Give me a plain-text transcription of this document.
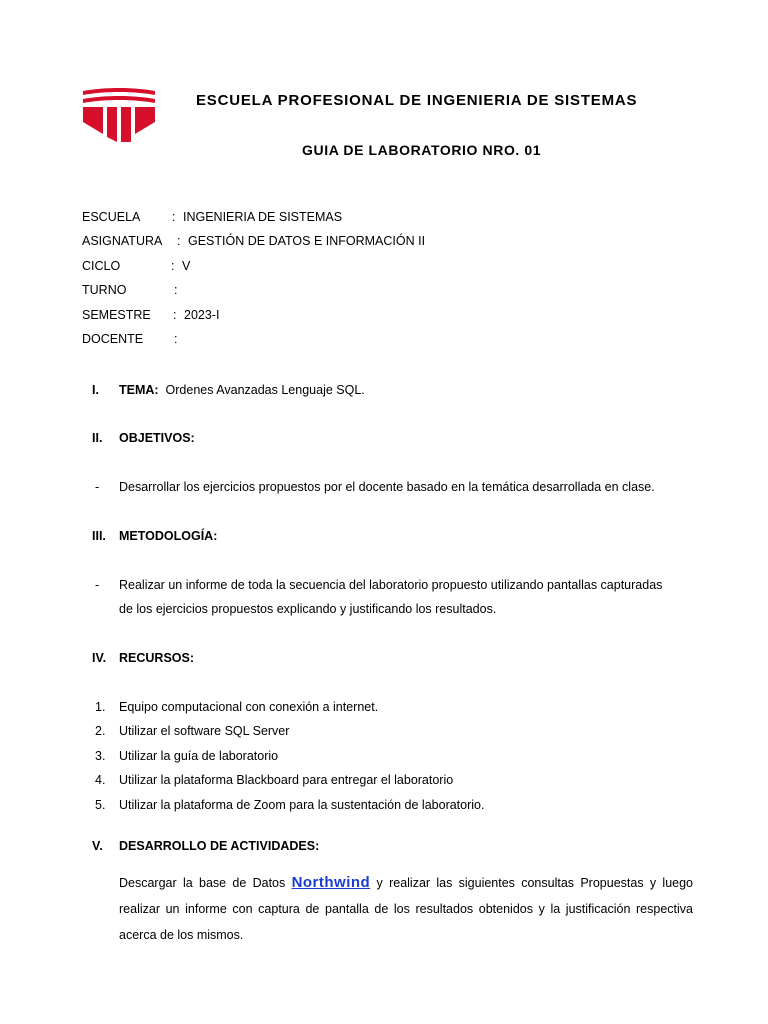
ESCUELA PROFESIONAL DE INGENIERIA DE SISTEMAS
GUIA DE LABORATORIO NRO. 01
ESCUELA	: INGENIERIA DE SISTEMAS
ASIGNATURA : GESTIÓN DE DATOS E INFORMACIÓN II
CICLO	: V
TURNO	:
SEMESTRE : 2023-I
DOCENTE :
I. TEMA: Ordenes Avanzadas Lenguaje SQL.
II. OBJETIVOS:
- Desarrollar los ejercicios propuestos por el docente basado en la temática desarrollada en clase.
III. METODOLOGÍA:
- Realizar un informe de toda la secuencia del laboratorio propuesto utilizando pantallas capturadas
de los ejercicios propuestos explicando y justificando los resultados.
IV. RECURSOS:
1. Equipo computacional con conexión a internet.
2. Utilizar el software SQL Server
3. Utilizar la guía de laboratorio
4. Utilizar la plataforma Blackboard para entregar el laboratorio
5. Utilizar la plataforma de Zoom para la sustentación de laboratorio.
V. DESARROLLO DE ACTIVIDADES:
Descargar la base de Datos Northwind y realizar las siguientes consultas Propuestas y luego realizar un informe con captura de pantalla de los resultados obtenidos y la justificación respectiva acerca de los mismos.
